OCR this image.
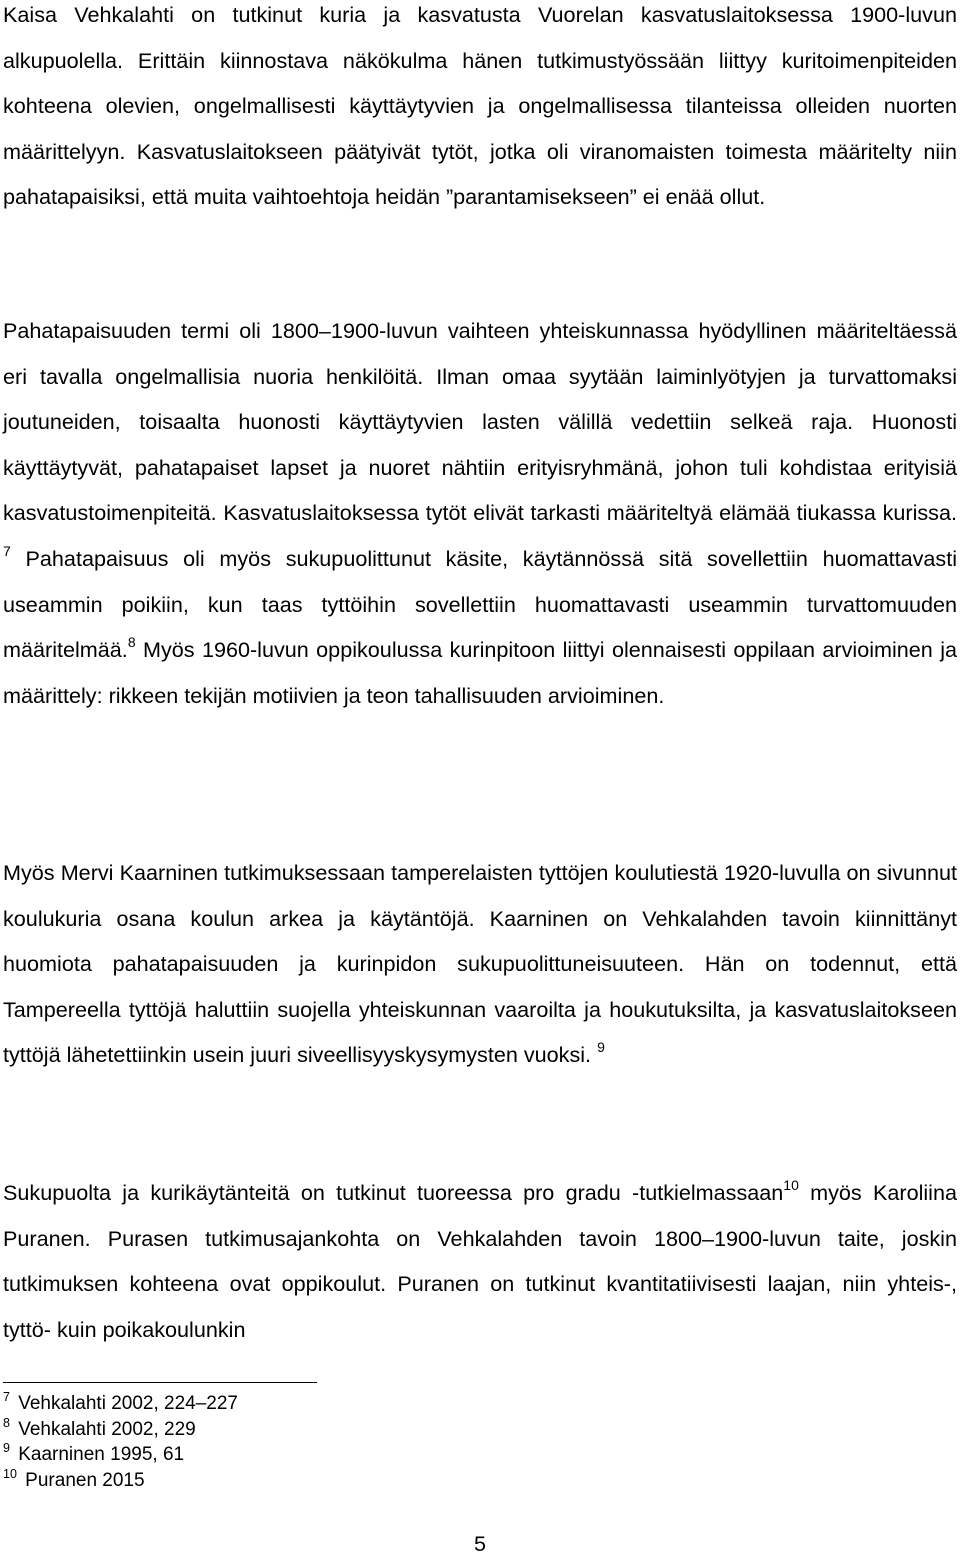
Kaisa Vehkalahti on tutkinut kuria ja kasvatusta Vuorelan kasvatuslaitoksessa 1900-luvun alkupuolella. Erittäin kiinnostava näkökulma hänen tutkimustyössään liittyy kuritoimenpiteiden kohteena olevien, ongelmallisesti käyttäytyvien ja ongelmallisessa tilanteissa olleiden nuorten määrittelyyn. Kasvatuslaitokseen päätyivät tytöt, jotka oli viranomaisten toimesta määritelty niin pahatapaisiksi, että muita vaihtoehtoja heidän ”parantamisekseen” ei enää ollut.

Pahatapaisuuden termi oli 1800–1900-luvun vaihteen yhteiskunnassa hyödyllinen määriteltäessä eri tavalla ongelmallisia nuoria henkilöitä. Ilman omaa syytään laiminlyötyjen ja turvattomaksi joutuneiden, toisaalta huonosti käyttäytyvien lasten välillä vedettiin selkeä raja. Huonosti käyttäytyvät, pahatapaiset lapset ja nuoret nähtiin erityisryhmänä, johon tuli kohdistaa erityisiä kasvatustoimenpiteitä. Kasvatuslaitoksessa tytöt elivät tarkasti määriteltyä elämää tiukassa kurissa. $^7$ Pahatapaisuus oli myös sukupuolittunut käsite, käytännössä sitä sovellettiin huomattavasti useammin poikiin, kun taas tyttöihin sovellettiin huomattavasti useammin turvattomuuden määritelmää.$^8$ Myös 1960-luvun oppikoulussa kurinpitoon liittyi olennaisesti oppilaan arvioiminen ja määrittely: rikkeen tekijän motiivien ja teon tahallisuuden arvioiminen.

Myös Mervi Kaarninen tutkimuksessaan tamperelaisten tyttöjen koulutiestä 1920-luvulla on sivunnut koulukuria osana koulun arkea ja käytäntöjä. Kaarninen on Vehkalahden tavoin kiinnittänyt huomiota pahatapaisuuden ja kurinpidon sukupuolittuneisuuteen. Hän on todennut, että Tampereella tyttöjä haluttiin suojella yhteiskunnan vaaroilta ja houkutuksilta, ja kasvatuslaitokseen tyttöjä lähetettiinkin usein juuri siveellisyyskysymysten vuoksi. $^9$

Sukupuolta ja kurikäytänteitä on tutkinut tuoreessa pro gradu -tutkielmassaan$^{10}$ myös Karoliina Puranen. Purasen tutkimusajankohta on Vehkalahden tavoin 1800–1900-luvun taite, joskin tutkimuksen kohteena ovat oppikoulut. Puranen on tutkinut kvantitatiivisesti laajan, niin yhteis-, tyttö- kuin poikakoulunkin

$^7$ Vehkalahti 2002, 224–227
$^8$ Vehkalahti 2002, 229
$^9$ Kaarninen 1995, 61
$^{10}$ Puranen 2015
5
